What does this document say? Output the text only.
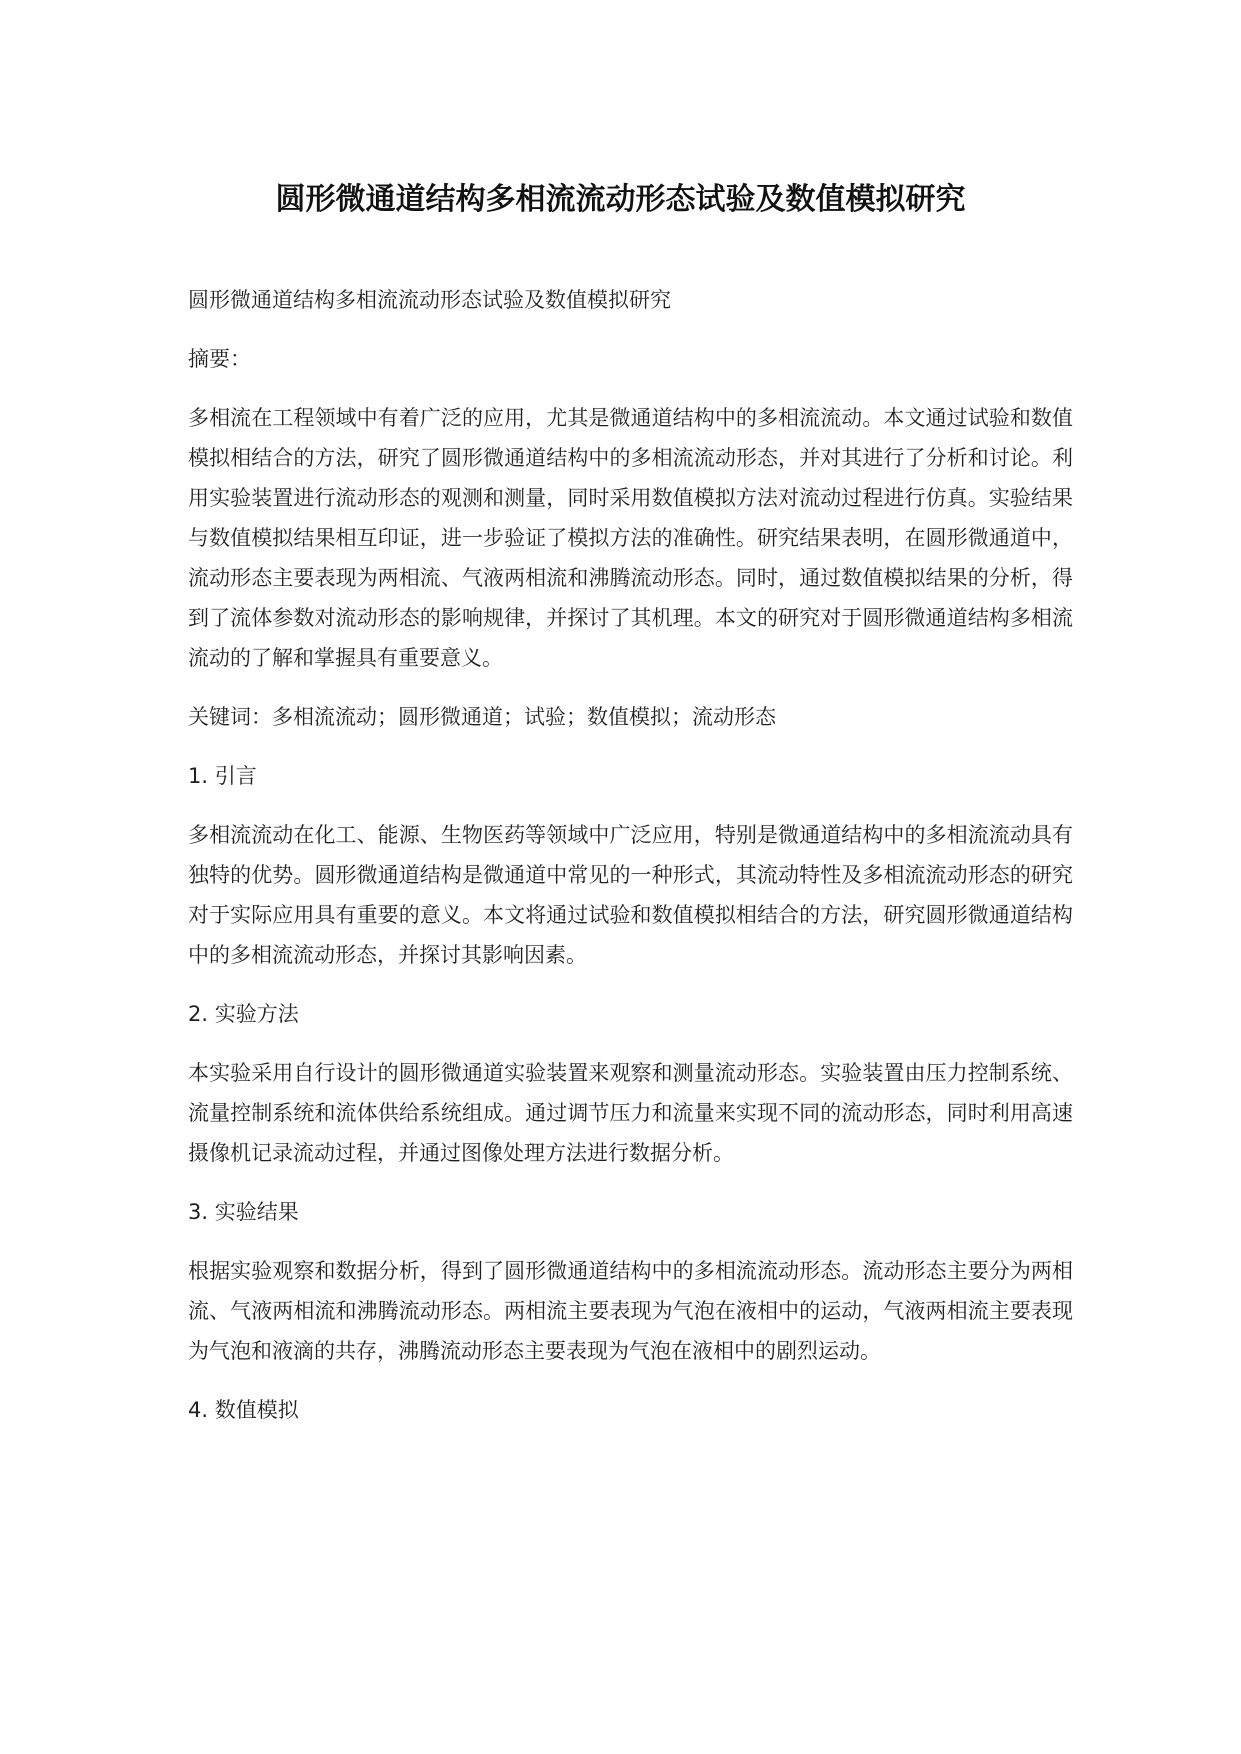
圆形微通道结构多相流流动形态试验及数值模拟研究

圆形微通道结构多相流流动形态试验及数值模拟研究

摘要：

多相流在工程领域中有着广泛的应用，尤其是微通道结构中的多相流流动。本文通过试验和数值模拟相结合的方法，研究了圆形微通道结构中的多相流流动形态，并对其进行了分析和讨论。利用实验装置进行流动形态的观测和测量，同时采用数值模拟方法对流动过程进行仿真。实验结果与数值模拟结果相互印证，进一步验证了模拟方法的准确性。研究结果表明，在圆形微通道中，流动形态主要表现为两相流、气液两相流和沸腾流动形态。同时，通过数值模拟结果的分析，得到了流体参数对流动形态的影响规律，并探讨了其机理。本文的研究对于圆形微通道结构多相流流动的了解和掌握具有重要意义。

关键词：多相流流动；圆形微通道；试验；数值模拟；流动形态

1. 引言

多相流流动在化工、能源、生物医药等领域中广泛应用，特别是微通道结构中的多相流流动具有独特的优势。圆形微通道结构是微通道中常见的一种形式，其流动特性及多相流流动形态的研究对于实际应用具有重要的意义。本文将通过试验和数值模拟相结合的方法，研究圆形微通道结构中的多相流流动形态，并探讨其影响因素。

2. 实验方法

本实验采用自行设计的圆形微通道实验装置来观察和测量流动形态。实验装置由压力控制系统、流量控制系统和流体供给系统组成。通过调节压力和流量来实现不同的流动形态，同时利用高速摄像机记录流动过程，并通过图像处理方法进行数据分析。

3. 实验结果

根据实验观察和数据分析，得到了圆形微通道结构中的多相流流动形态。流动形态主要分为两相流、气液两相流和沸腾流动形态。两相流主要表现为气泡在液相中的运动，气液两相流主要表现为气泡和液滴的共存，沸腾流动形态主要表现为气泡在液相中的剧烈运动。

4. 数值模拟
